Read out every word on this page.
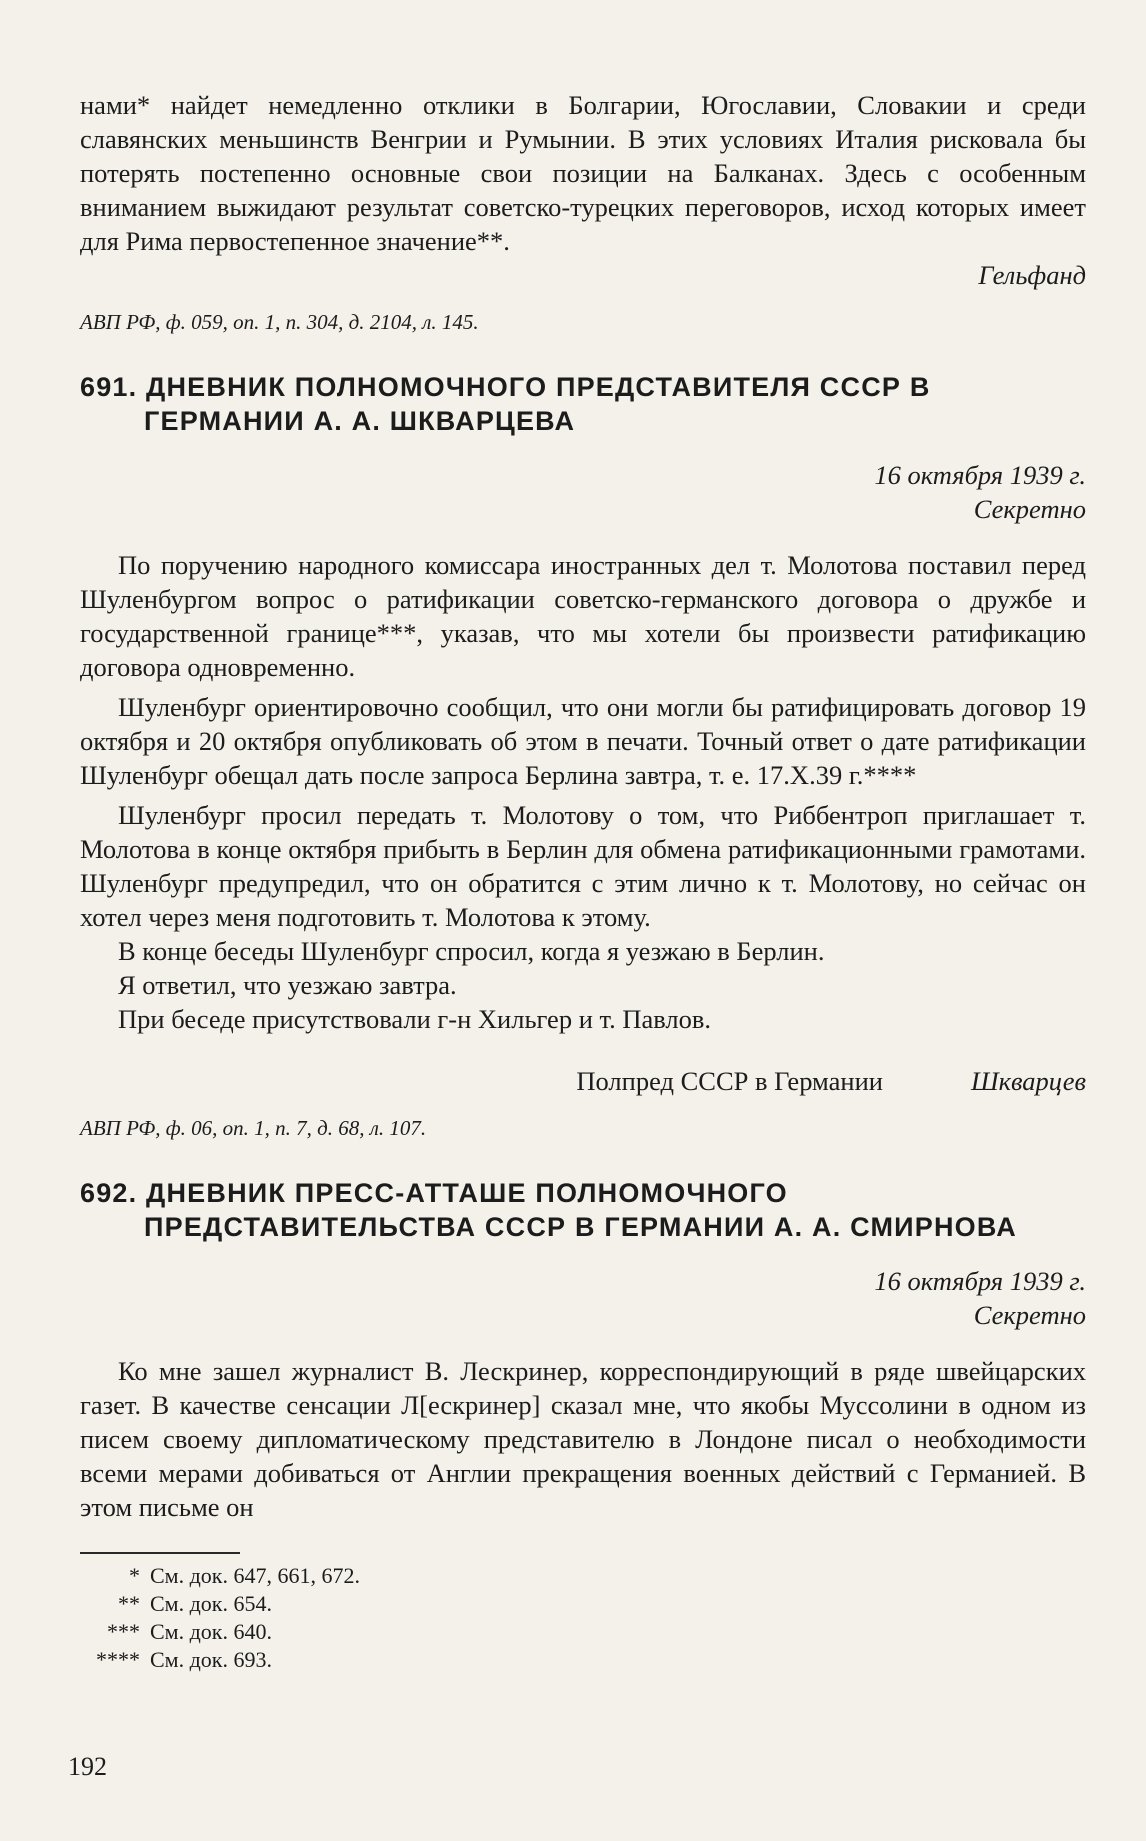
нами* найдет немедленно отклики в Болгарии, Югославии, Словакии и среди славянских меньшинств Венгрии и Румынии. В этих условиях Италия рисковала бы потерять постепенно основные свои позиции на Балканах. Здесь с особенным вниманием выжидают результат советско-турецких переговоров, исход которых имеет для Рима первостепенное значение**.

Гельфанд

АВП РФ, ф. 059, оп. 1, п. 304, д. 2104, л. 145.

691. ДНЕВНИК ПОЛНОМОЧНОГО ПРЕДСТАВИТЕЛЯ СССР В ГЕРМАНИИ А. А. ШКВАРЦЕВА

16 октября 1939 г.

Секретно

По поручению народного комиссара иностранных дел т. Молотова поставил перед Шуленбургом вопрос о ратификации советско-германского договора о дружбе и государственной границе***, указав, что мы хотели бы произвести ратификацию договора одновременно.

Шуленбург ориентировочно сообщил, что они могли бы ратифицировать договор 19 октября и 20 октября опубликовать об этом в печати. Точный ответ о дате ратификации Шуленбург обещал дать после запроса Берлина завтра, т. е. 17.X.39 г.****

Шуленбург просил передать т. Молотову о том, что Риббентроп приглашает т. Молотова в конце октября прибыть в Берлин для обмена ратификационными грамотами. Шуленбург предупредил, что он обратится с этим лично к т. Молотову, но сейчас он хотел через меня подготовить т. Молотова к этому.

В конце беседы Шуленбург спросил, когда я уезжаю в Берлин.

Я ответил, что уезжаю завтра.

При беседе присутствовали г-н Хильгер и т. Павлов.

Полпред СССР в Германии	Шкварцев

АВП РФ, ф. 06, оп. 1, п. 7, д. 68, л. 107.

692. ДНЕВНИК ПРЕСС-АТТАШЕ ПОЛНОМОЧНОГО ПРЕДСТАВИТЕЛЬСТВА СССР В ГЕРМАНИИ А. А. СМИРНОВА

16 октября 1939 г.

Секретно

Ко мне зашел журналист В. Лескринер, корреспондирующий в ряде швейцарских газет. В качестве сенсации Л[ескринер] сказал мне, что якобы Муссолини в одном из писем своему дипломатическому представителю в Лондоне писал о необходимости всеми мерами добиваться от Англии прекращения военных действий с Германией. В этом письме он

* См. док. 647, 661, 672.
** См. док. 654.
*** См. док. 640.
**** См. док. 693.
192
